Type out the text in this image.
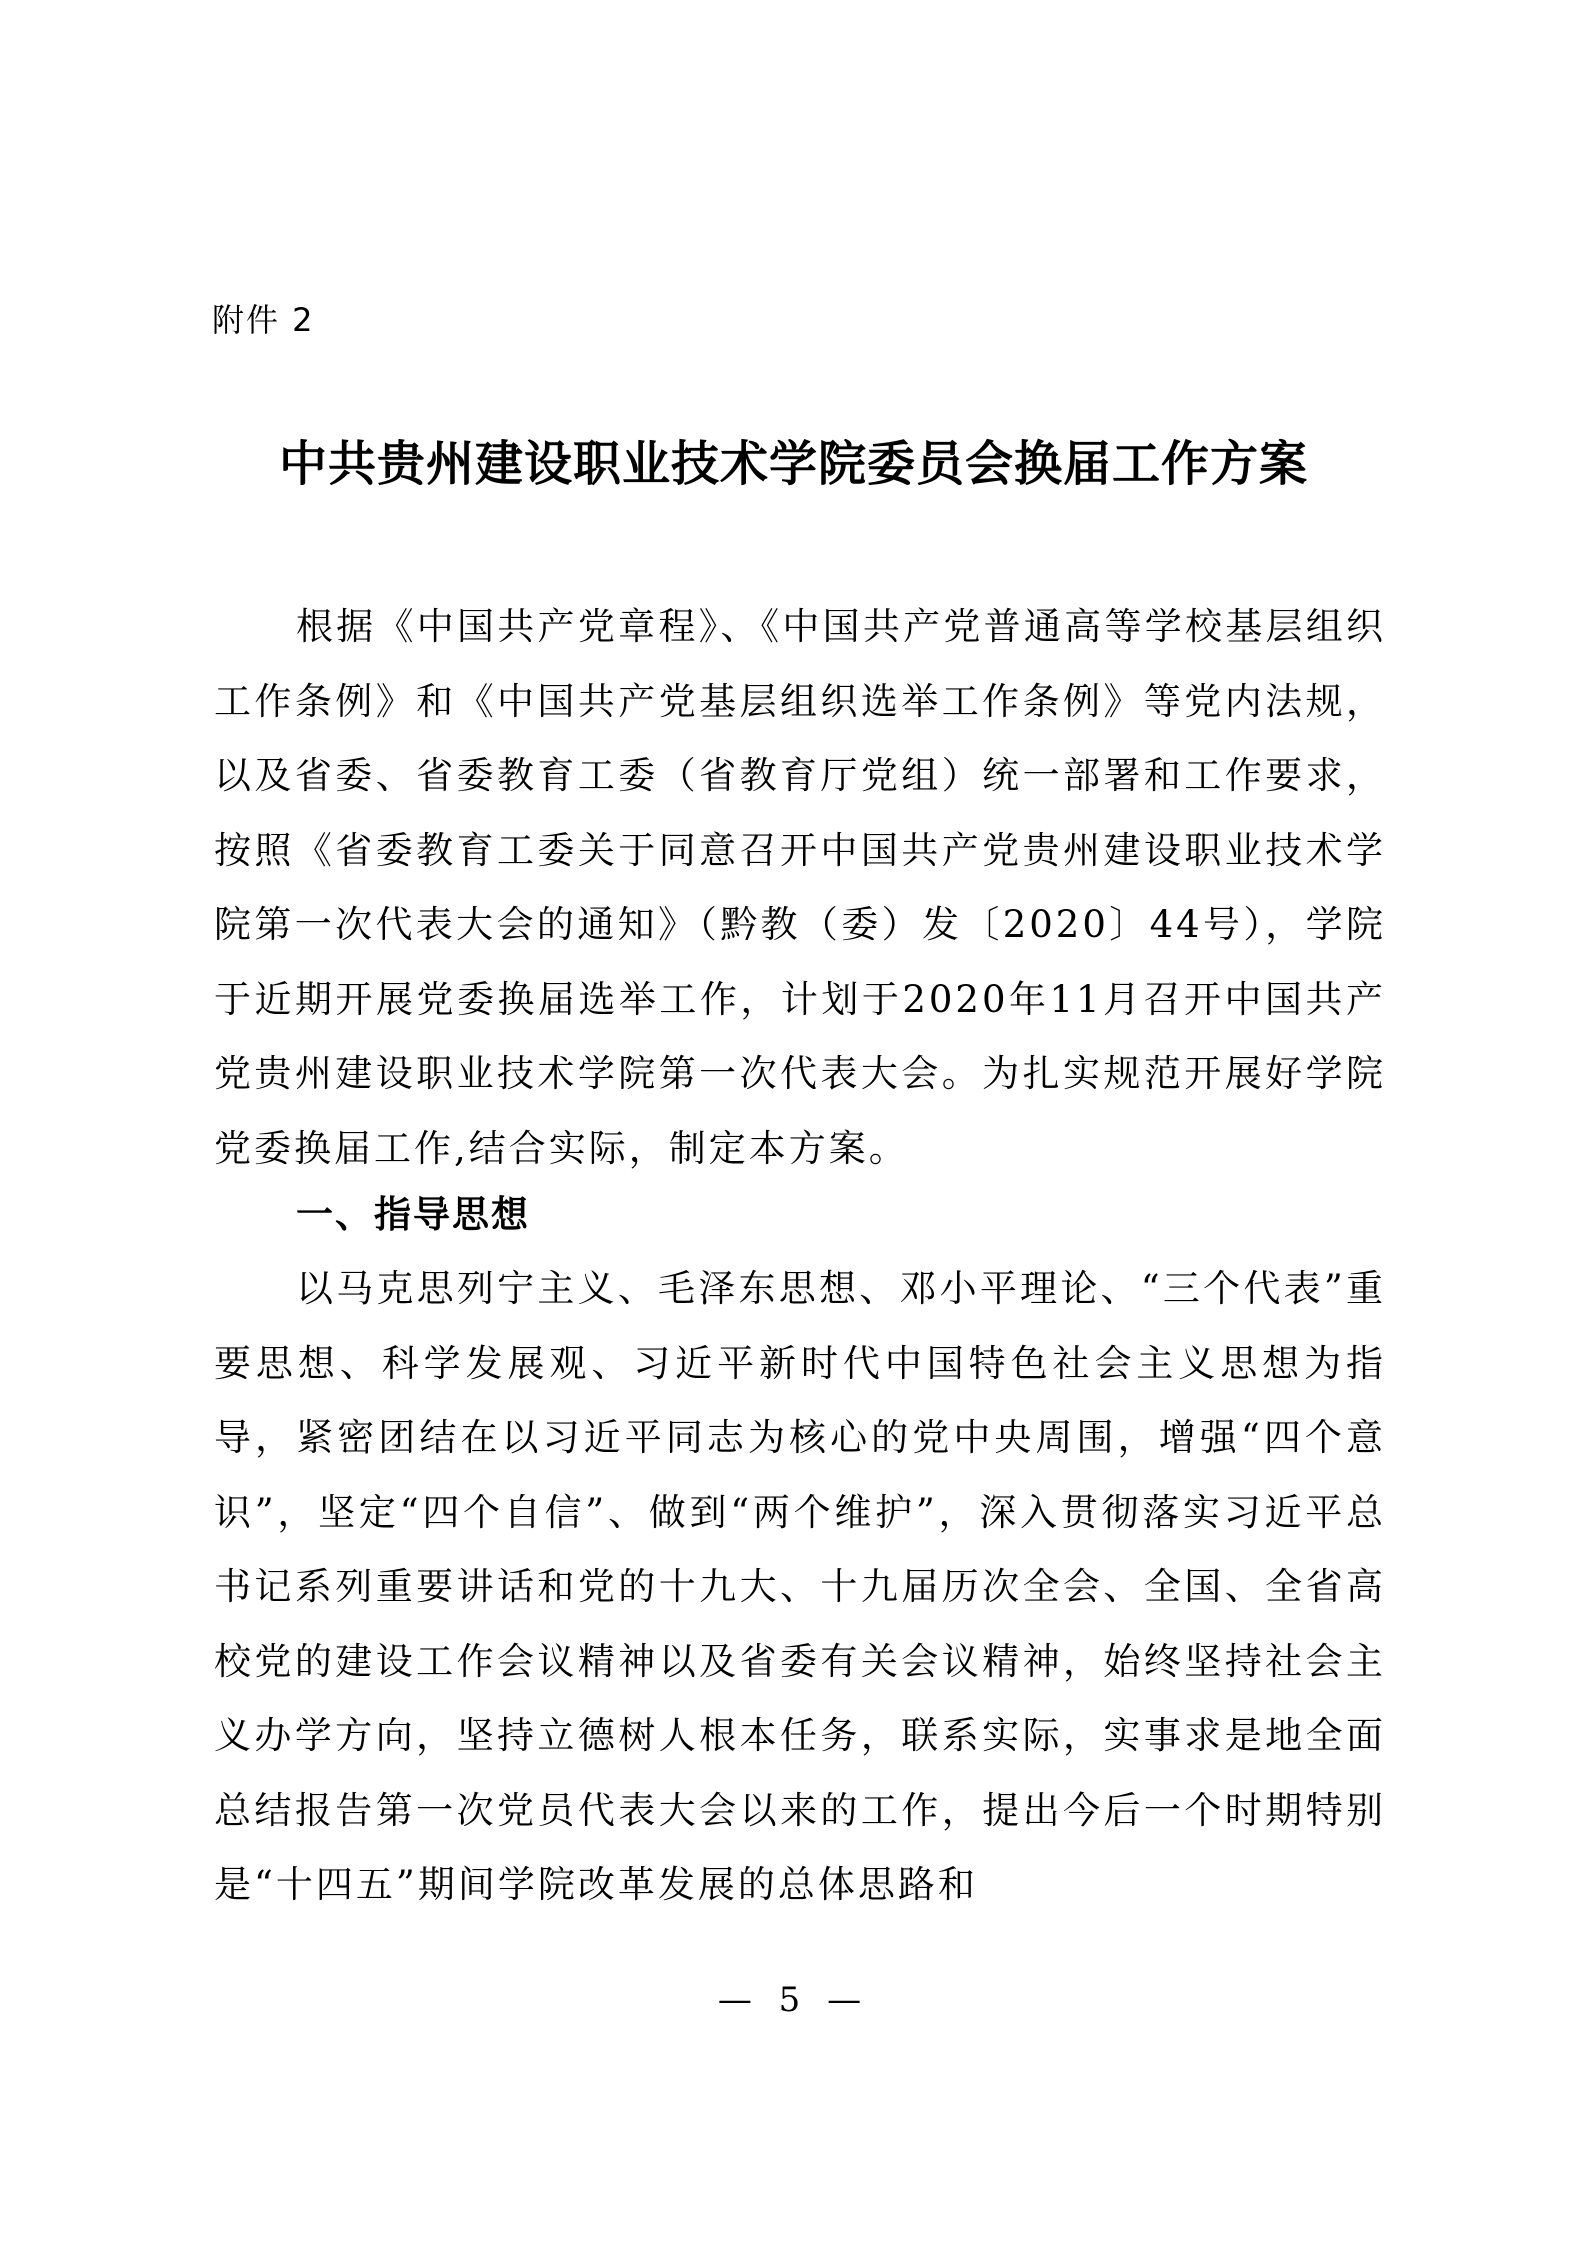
附件 2
中共贵州建设职业技术学院委员会换届工作方案
根据《中国共产党章程》、《中国共产党普通高等学校基层组织工作条例》和《中国共产党基层组织选举工作条例》等党内法规，以及省委、省委教育工委（省教育厅党组）统一部署和工作要求，按照《省委教育工委关于同意召开中国共产党贵州建设职业技术学院第一次代表大会的通知》（黔教（委）发〔2020〕44号），学院于近期开展党委换届选举工作，计划于2020年11月召开中国共产党贵州建设职业技术学院第一次代表大会。为扎实规范开展好学院党委换届工作,结合实际，制定本方案。
一、指导思想
以马克思列宁主义、毛泽东思想、邓小平理论、“三个代表”重要思想、科学发展观、习近平新时代中国特色社会主义思想为指导，紧密团结在以习近平同志为核心的党中央周围，增强“四个意识”，坚定“四个自信”、做到“两个维护”，深入贯彻落实习近平总书记系列重要讲话和党的十九大、十九届历次全会、全国、全省高校党的建设工作会议精神以及省委有关会议精神，始终坚持社会主义办学方向，坚持立德树人根本任务，联系实际，实事求是地全面总结报告第一次党员代表大会以来的工作，提出今后一个时期特别是“十四五”期间学院改革发展的总体思路和
— 5 —
